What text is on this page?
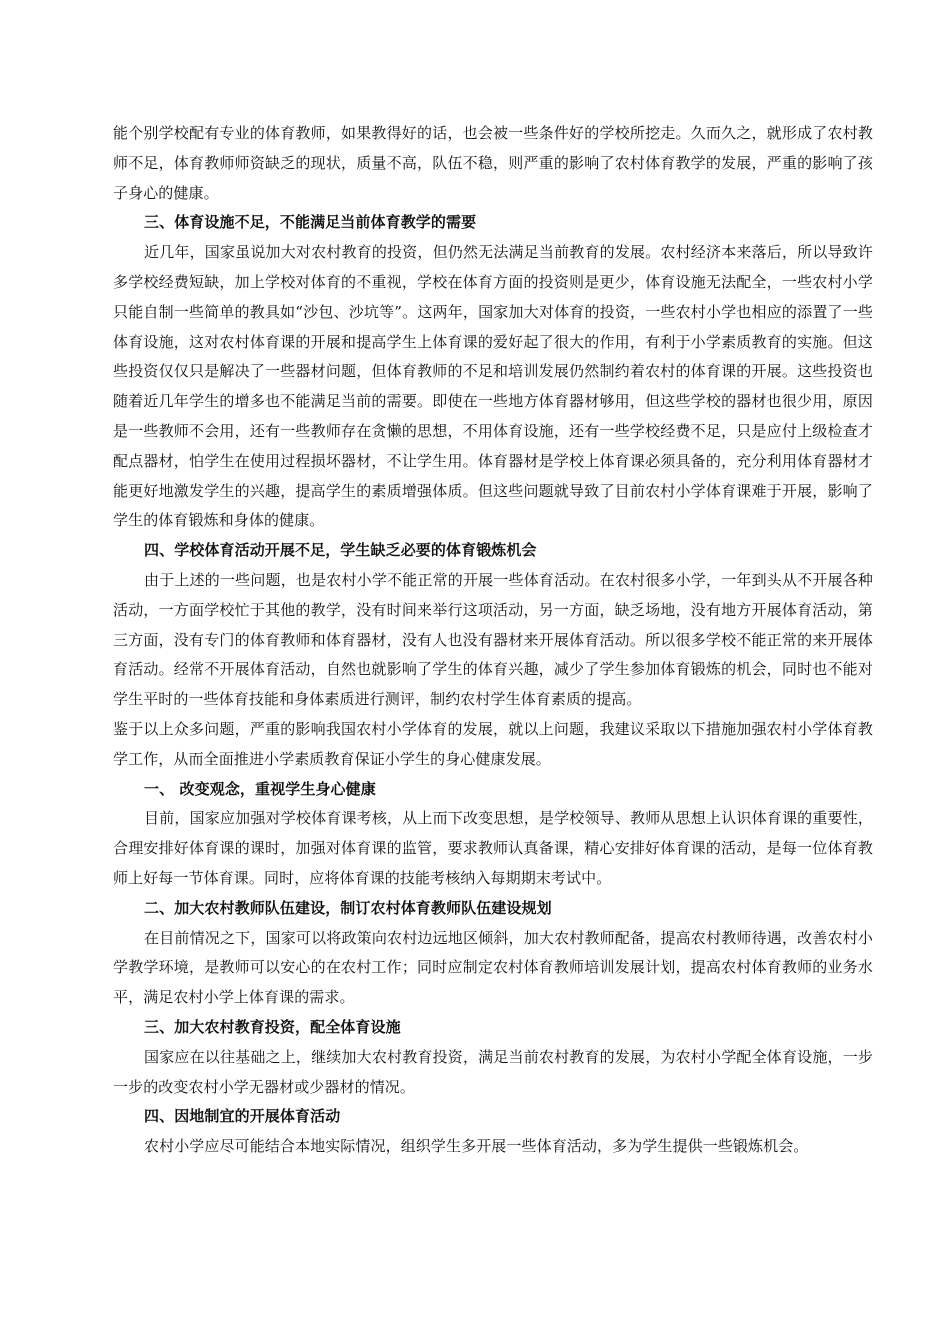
能个别学校配有专业的体育教师，如果教得好的话，也会被一些条件好的学校所挖走。久而久之，就形成了农村教师不足，体育教师师资缺乏的现状，质量不高，队伍不稳，则严重的影响了农村体育教学的发展，严重的影响了孩子身心的健康。

三、体育设施不足，不能满足当前体育教学的需要

近几年，国家虽说加大对农村教育的投资，但仍然无法满足当前教育的发展。农村经济本来落后，所以导致许多学校经费短缺，加上学校对体育的不重视，学校在体育方面的投资则是更少，体育设施无法配全，一些农村小学只能自制一些简单的教具如“沙包、沙坑等”。这两年，国家加大对体育的投资，一些农村小学也相应的添置了一些体育设施，这对农村体育课的开展和提高学生上体育课的爱好起了很大的作用，有利于小学素质教育的实施。但这些投资仅仅只是解决了一些器材问题，但体育教师的不足和培训发展仍然制约着农村的体育课的开展。这些投资也随着近几年学生的增多也不能满足当前的需要。即使在一些地方体育器材够用，但这些学校的器材也很少用，原因是一些教师不会用，还有一些教师存在贪懒的思想，不用体育设施，还有一些学校经费不足，只是应付上级检查才配点器材，怕学生在使用过程损坏器材，不让学生用。体育器材是学校上体育课必须具备的，充分利用体育器材才能更好地激发学生的兴趣，提高学生的素质增强体质。但这些问题就导致了目前农村小学体育课难于开展，影响了学生的体育锻炼和身体的健康。

四、学校体育活动开展不足，学生缺乏必要的体育锻炼机会

由于上述的一些问题，也是农村小学不能正常的开展一些体育活动。在农村很多小学，一年到头从不开展各种活动，一方面学校忙于其他的教学，没有时间来举行这项活动，另一方面，缺乏场地，没有地方开展体育活动，第三方面，没有专门的体育教师和体育器材，没有人也没有器材来开展体育活动。所以很多学校不能正常的来开展体育活动。经常不开展体育活动，自然也就影响了学生的体育兴趣，减少了学生参加体育锻炼的机会，同时也不能对学生平时的一些体育技能和身体素质进行测评，制约农村学生体育素质的提高。

鉴于以上众多问题，严重的影响我国农村小学体育的发展，就以上问题，我建议采取以下措施加强农村小学体育教学工作，从而全面推进小学素质教育保证小学生的身心健康发展。

一、 改变观念，重视学生身心健康

目前，国家应加强对学校体育课考核，从上而下改变思想，是学校领导、教师从思想上认识体育课的重要性，合理安排好体育课的课时，加强对体育课的监管，要求教师认真备课，精心安排好体育课的活动，是每一位体育教师上好每一节体育课。同时，应将体育课的技能考核纳入每期期末考试中。

二、加大农村教师队伍建设，制订农村体育教师队伍建设规划

在目前情况之下，国家可以将政策向农村边远地区倾斜，加大农村教师配备，提高农村教师待遇，改善农村小学教学环境，是教师可以安心的在农村工作；同时应制定农村体育教师培训发展计划，提高农村体育教师的业务水平，满足农村小学上体育课的需求。

三、加大农村教育投资，配全体育设施

国家应在以往基础之上，继续加大农村教育投资，满足当前农村教育的发展，为农村小学配全体育设施，一步一步的改变农村小学无器材或少器材的情况。

四、因地制宜的开展体育活动

农村小学应尽可能结合本地实际情况，组织学生多开展一些体育活动，多为学生提供一些锻炼机会。
